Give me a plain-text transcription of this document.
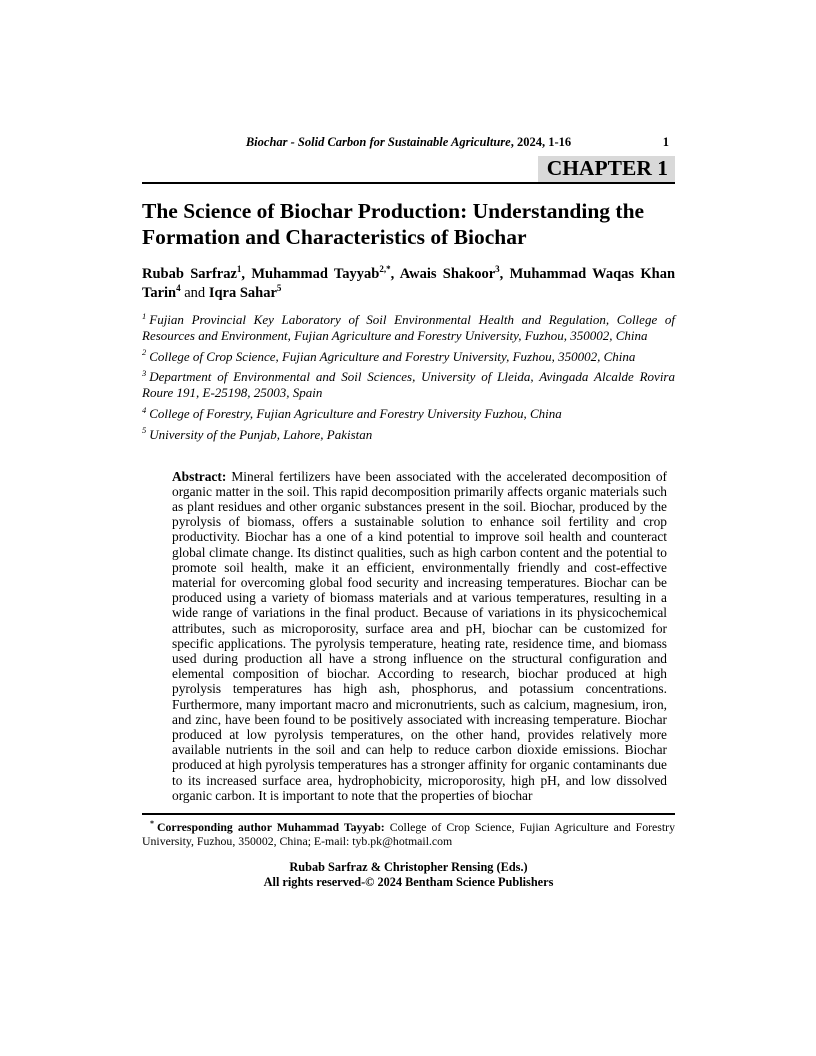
Biochar - Solid Carbon for Sustainable Agriculture, 2024, 1-16	1
CHAPTER 1
The Science of Biochar Production: Understanding the Formation and Characteristics of Biochar

Rubab Sarfraz$^1$, Muhammad Tayyab$^{2,*}$, Awais Shakoor$^3$, Muhammad Waqas Khan Tarin$^4$ and Iqra Sahar$^5$

$^1$ Fujian Provincial Key Laboratory of Soil Environmental Health and Regulation, College of Resources and Environment, Fujian Agriculture and Forestry University, Fuzhou, 350002, China

$^2$ College of Crop Science, Fujian Agriculture and Forestry University, Fuzhou, 350002, China

$^3$ Department of Environmental and Soil Sciences, University of Lleida, Avingada Alcalde Rovira Roure 191, E-25198, 25003, Spain

$^4$ College of Forestry, Fujian Agriculture and Forestry University Fuzhou, China

$^5$ University of the Punjab, Lahore, Pakistan

Abstract: Mineral fertilizers have been associated with the accelerated decomposition of organic matter in the soil. This rapid decomposition primarily affects organic materials such as plant residues and other organic substances present in the soil. Biochar, produced by the pyrolysis of biomass, offers a sustainable solution to enhance soil fertility and crop productivity. Biochar has a one of a kind potential to improve soil health and counteract global climate change. Its distinct qualities, such as high carbon content and the potential to promote soil health, make it an efficient, environmentally friendly and cost-effective material for overcoming global food security and increasing temperatures. Biochar can be produced using a variety of biomass materials and at various temperatures, resulting in a wide range of variations in the final product. Because of variations in its physicochemical attributes, such as microporosity, surface area and pH, biochar can be customized for specific applications. The pyrolysis temperature, heating rate, residence time, and biomass used during production all have a strong influence on the structural configuration and elemental composition of biochar. According to research, biochar produced at high pyrolysis temperatures has high ash, phosphorus, and potassium concentrations. Furthermore, many important macro and micronutrients, such as calcium, magnesium, iron, and zinc, have been found to be positively associated with increasing temperature. Biochar produced at low pyrolysis temperatures, on the other hand, provides relatively more available nutrients in the soil and can help to reduce carbon dioxide emissions. Biochar produced at high pyrolysis temperatures has a stronger affinity for organic contaminants due to its increased surface area, hydrophobicity, microporosity, high pH, and low dissolved organic carbon. It is important to note that the properties of biochar

* Corresponding author Muhammad Tayyab: College of Crop Science, Fujian Agriculture and Forestry University, Fuzhou, 350002, China; E-mail: tyb.pk@hotmail.com
Rubab Sarfraz & Christopher Rensing (Eds.)
All rights reserved-© 2024 Bentham Science Publishers
